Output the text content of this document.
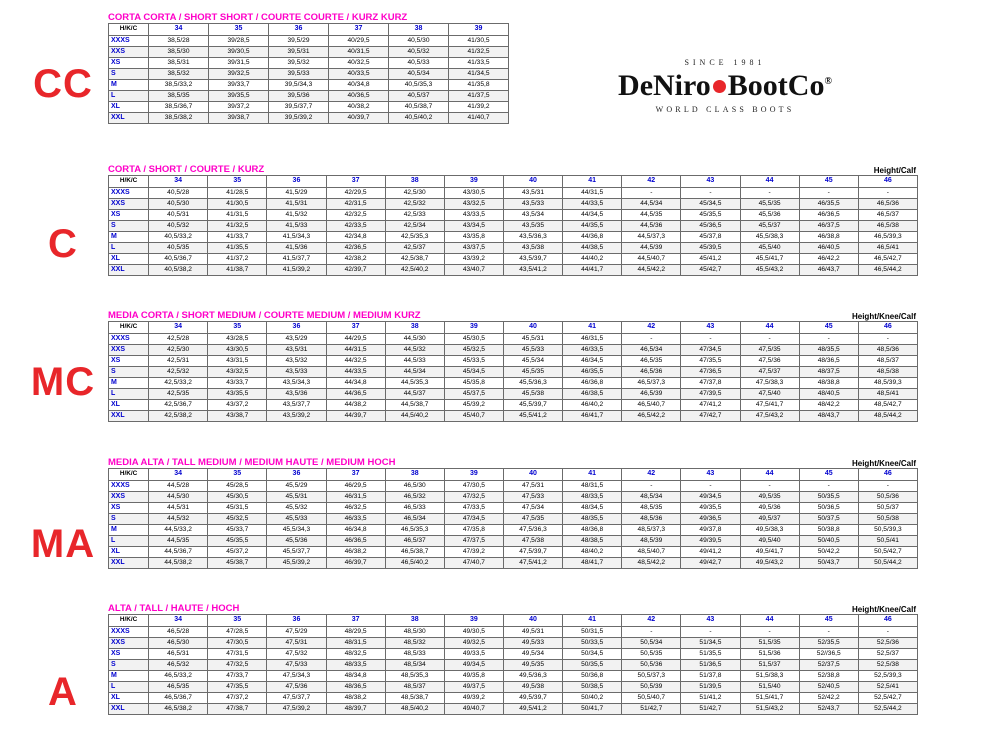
CC
C
MC
MA
A
SINCE 1981
DeNiro BootCo®
WORLD CLASS BOOTS
CORTA CORTA / SHORT SHORT / COURTE COURTE / KURZ KURZ
H/K/C	34	35	36	37	38	39
XXXS	38,5/28	39/28,5	39,5/29	40/29,5	40,5/30	41/30,5
XXS	38,5/30	39/30,5	39,5/31	40/31,5	40,5/32	41/32,5
XS	38,5/31	39/31,5	39,5/32	40/32,5	40,5/33	41/33,5
S	38,5/32	39/32,5	39,5/33	40/33,5	40,5/34	41/34,5
M	38,5/33,2	39/33,7	39,5/34,3	40/34,8	40,5/35,3	41/35,8
L	38,5/35	39/35,5	39,5/36	40/36,5	40,5/37	41/37,5
XL	38,5/36,7	39/37,2	39,5/37,7	40/38,2	40,5/38,7	41/39,2
XXL	38,5/38,2	39/38,7	39,5/39,2	40/39,7	40,5/40,2	41/40,7
CORTA / SHORT / COURTE / KURZ	Height/Calf
H/K/C	34	35	36	37	38	39	40	41	42	43	44	45	46
XXXS	40,5/28	41/28,5	41,5/29	42/29,5	42,5/30	43/30,5	43,5/31	44/31,5	-	-	-	-	-
XXS	40,5/30	41/30,5	41,5/31	42/31,5	42,5/32	43/32,5	43,5/33	44/33,5	44,5/34	45/34,5	45,5/35	46/35,5	46,5/36
XS	40,5/31	41/31,5	41,5/32	42/32,5	42,5/33	43/33,5	43,5/34	44/34,5	44,5/35	45/35,5	45,5/36	46/36,5	46,5/37
S	40,5/32	41/32,5	41,5/33	42/33,5	42,5/34	43/34,5	43,5/35	44/35,5	44,5/36	45/36,5	45,5/37	46/37,5	46,5/38
M	40,5/33,2	41/33,7	41,5/34,3	42/34,8	42,5/35,3	43/35,8	43,5/36,3	44/36,8	44,5/37,3	45/37,8	45,5/38,3	46/38,8	46,5/39,3
L	40,5/35	41/35,5	41,5/36	42/36,5	42,5/37	43/37,5	43,5/38	44/38,5	44,5/39	45/39,5	45,5/40	46/40,5	46,5/41
XL	40,5/36,7	41/37,2	41,5/37,7	42/38,2	42,5/38,7	43/39,2	43,5/39,7	44/40,2	44,5/40,7	45/41,2	45,5/41,7	46/42,2	46,5/42,7
XXL	40,5/38,2	41/38,7	41,5/39,2	42/39,7	42,5/40,2	43/40,7	43,5/41,2	44/41,7	44,5/42,2	45/42,7	45,5/43,2	46/43,7	46,5/44,2
MEDIA CORTA / SHORT MEDIUM / COURTE MEDIUM / MEDIUM KURZ	Height/Knee/Calf
H/K/C	34	35	36	37	38	39	40	41	42	43	44	45	46
XXXS	42,5/28	43/28,5	43,5/29	44/29,5	44,5/30	45/30,5	45,5/31	46/31,5	-	-	-	-	-
XXS	42,5/30	43/30,5	43,5/31	44/31,5	44,5/32	45/32,5	45,5/33	46/33,5	46,5/34	47/34,5	47,5/35	48/35,5	48,5/36
XS	42,5/31	43/31,5	43,5/32	44/32,5	44,5/33	45/33,5	45,5/34	46/34,5	46,5/35	47/35,5	47,5/36	48/36,5	48,5/37
S	42,5/32	43/32,5	43,5/33	44/33,5	44,5/34	45/34,5	45,5/35	46/35,5	46,5/36	47/36,5	47,5/37	48/37,5	48,5/38
M	42,5/33,2	43/33,7	43,5/34,3	44/34,8	44,5/35,3	45/35,8	45,5/36,3	46/36,8	46,5/37,3	47/37,8	47,5/38,3	48/38,8	48,5/39,3
L	42,5/35	43/35,5	43,5/36	44/36,5	44,5/37	45/37,5	45,5/38	46/38,5	46,5/39	47/39,5	47,5/40	48/40,5	48,5/41
XL	42,5/36,7	43/37,2	43,5/37,7	44/38,2	44,5/38,7	45/39,2	45,5/39,7	46/40,2	46,5/40,7	47/41,2	47,5/41,7	48/42,2	48,5/42,7
XXL	42,5/38,2	43/38,7	43,5/39,2	44/39,7	44,5/40,2	45/40,7	45,5/41,2	46/41,7	46,5/42,2	47/42,7	47,5/43,2	48/43,7	48,5/44,2
MEDIA ALTA / TALL MEDIUM / MEDIUM HAUTE / MEDIUM HOCH	Height/Knee/Calf
H/K/C	34	35	36	37	38	39	40	41	42	43	44	45	46
XXXS	44,5/28	45/28,5	45,5/29	46/29,5	46,5/30	47/30,5	47,5/31	48/31,5	-	-	-	-	-
XXS	44,5/30	45/30,5	45,5/31	46/31,5	46,5/32	47/32,5	47,5/33	48/33,5	48,5/34	49/34,5	49,5/35	50/35,5	50,5/36
XS	44,5/31	45/31,5	45,5/32	46/32,5	46,5/33	47/33,5	47,5/34	48/34,5	48,5/35	49/35,5	49,5/36	50/36,5	50,5/37
S	44,5/32	45/32,5	45,5/33	46/33,5	46,5/34	47/34,5	47,5/35	48/35,5	48,5/36	49/36,5	49,5/37	50/37,5	50,5/38
M	44,5/33,2	45/33,7	45,5/34,3	46/34,8	46,5/35,3	47/35,8	47,5/36,3	48/36,8	48,5/37,3	49/37,8	49,5/38,3	50/38,8	50,5/39,3
L	44,5/35	45/35,5	45,5/36	46/36,5	46,5/37	47/37,5	47,5/38	48/38,5	48,5/39	49/39,5	49,5/40	50/40,5	50,5/41
XL	44,5/36,7	45/37,2	45,5/37,7	46/38,2	46,5/38,7	47/39,2	47,5/39,7	48/40,2	48,5/40,7	49/41,2	49,5/41,7	50/42,2	50,5/42,7
XXL	44,5/38,2	45/38,7	45,5/39,2	46/39,7	46,5/40,2	47/40,7	47,5/41,2	48/41,7	48,5/42,2	49/42,7	49,5/43,2	50/43,7	50,5/44,2
ALTA / TALL / HAUTE / HOCH	Height/Knee/Calf
H/K/C	34	35	36	37	38	39	40	41	42	43	44	45	46
XXXS	46,5/28	47/28,5	47,5/29	48/29,5	48,5/30	49/30,5	49,5/31	50/31,5	-	-	-	-	-
XXS	46,5/30	47/30,5	47,5/31	48/31,5	48,5/32	49/32,5	49,5/33	50/33,5	50,5/34	51/34,5	51,5/35	52/35,5	52,5/36
XS	46,5/31	47/31,5	47,5/32	48/32,5	48,5/33	49/33,5	49,5/34	50/34,5	50,5/35	51/35,5	51,5/36	52//36,5	52,5/37
S	46,5/32	47/32,5	47,5/33	48/33,5	48,5/34	49/34,5	49,5/35	50/35,5	50,5/36	51/36,5	51,5/37	52/37,5	52,5/38
M	46,5/33,2	47/33,7	47,5/34,3	48/34,8	48,5/35,3	49/35,8	49,5/36,3	50/36,8	50,5/37,3	51/37,8	51,5/38,3	52/38,8	52,5/39,3
L	46,5/35	47/35,5	47,5/36	48/36,5	48,5/37	49/37,5	49,5/38	50/38,5	50,5/39	51/39,5	51,5/40	52/40,5	52,5/41
XL	46,5/36,7	47/37,2	47,5/37,7	48/38,2	48,5/38,7	49/39,2	49,5/39,7	50/40,2	50,5/40,7	51/41,2	51,5/41,7	52/42,2	52,5/42,7
XXL	46,5/38,2	47/38,7	47,5/39,2	48/39,7	48,5/40,2	49/40,7	49,5/41,2	50/41,7	51/42,7	51/42,7	51,5/43,2	52/43,7	52,5/44,2
